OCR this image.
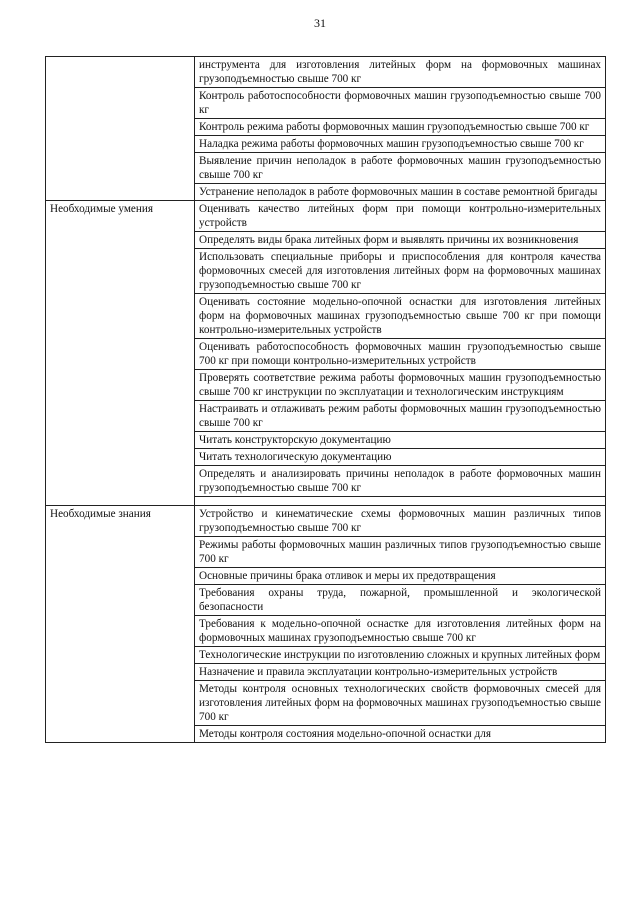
31
	инструмента для изготовления литейных форм на формовочных машинах грузоподъемностью свыше 700 кг
	Контроль работоспособности формовочных машин грузоподъемностью свыше 700 кг
	Контроль режима работы формовочных машин грузоподъемностью свыше 700 кг
	Наладка режима работы формовочных машин грузоподъемностью свыше 700 кг
	Выявление причин неполадок в работе формовочных машин грузоподъемностью свыше 700 кг
	Устранение неполадок в работе формовочных машин в составе ремонтной бригады
Необходимые умения	Оценивать качество литейных форм при помощи контрольно-измерительных устройств
	Определять виды брака литейных форм и выявлять причины их возникновения
	Использовать специальные приборы и приспособления для контроля качества формовочных смесей для изготовления литейных форм на формовочных машинах грузоподъемностью свыше 700 кг
	Оценивать состояние модельно-опочной оснастки для изготовления литейных форм на формовочных машинах грузоподъемностью свыше 700 кг при помощи контрольно-измерительных устройств
	Оценивать работоспособность формовочных машин грузоподъемностью свыше 700 кг при помощи контрольно-измерительных устройств
	Проверять соответствие режима работы формовочных машин грузоподъемностью свыше 700 кг инструкции по эксплуатации и технологическим инструкциям
	Настраивать и отлаживать режим работы формовочных машин грузоподъемностью свыше 700 кг
	Читать конструкторскую документацию
	Читать технологическую документацию
	Определять и анализировать причины неполадок в работе формовочных машин грузоподъемностью свыше 700 кг

Необходимые знания	Устройство и кинематические схемы формовочных машин различных типов грузоподъемностью свыше 700 кг
	Режимы работы формовочных машин различных типов грузоподъемностью свыше 700 кг
	Основные причины брака отливок и меры их предотвращения
	Требования охраны труда, пожарной, промышленной и экологической безопасности
	Требования к модельно-опочной оснастке для изготовления литейных форм на формовочных машинах грузоподъемностью свыше 700 кг
	Технологические инструкции по изготовлению сложных и крупных литейных форм
	Назначение и правила эксплуатации контрольно-измерительных устройств
	Методы контроля основных технологических свойств формовочных смесей для изготовления литейных форм на формовочных машинах грузоподъемностью свыше 700 кг
	Методы контроля состояния модельно-опочной оснастки для
